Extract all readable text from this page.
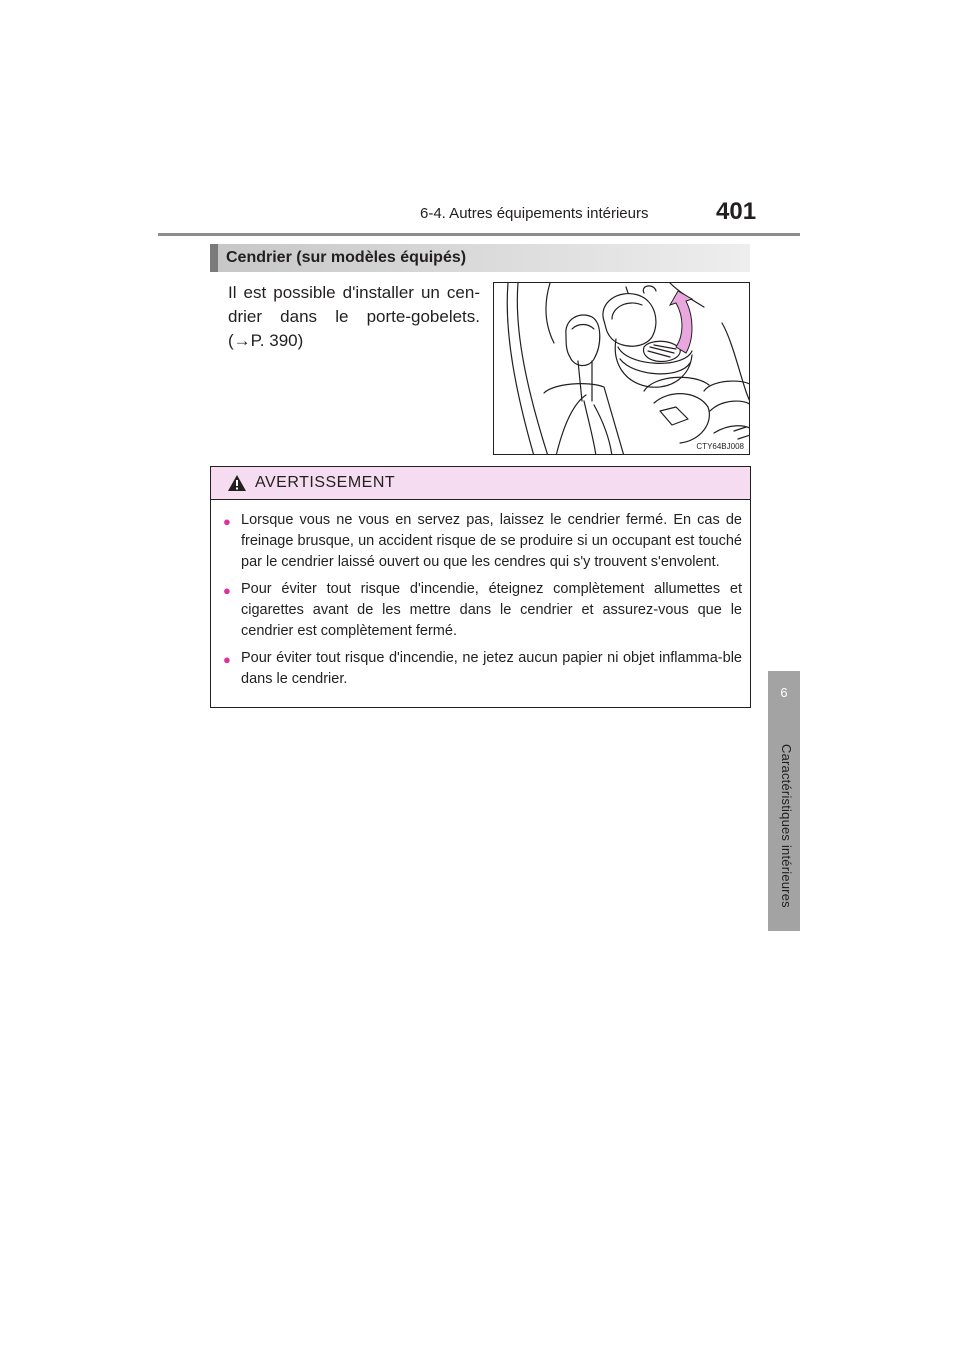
6-4. Autres équipements intérieurs	401
6
Caractéristiques intérieures
Cendrier (sur modèles équipés)

Il est possible d'installer un cen-
drier dans le porte-gobelets.
(→P. 390)

CTY64BJ008
AVERTISSEMENT
● Lorsque vous ne vous en servez pas, laissez le cendrier fermé. En cas de freinage brusque, un accident risque de se produire si un occupant est touché par le cendrier laissé ouvert ou que les cendres qui s'y trouvent s'envolent.
● Pour éviter tout risque d'incendie, éteignez complètement allumettes et cigarettes avant de les mettre dans le cendrier et assurez-vous que le cendrier est complètement fermé.
● Pour éviter tout risque d'incendie, ne jetez aucun papier ni objet inflamma-ble dans le cendrier.
